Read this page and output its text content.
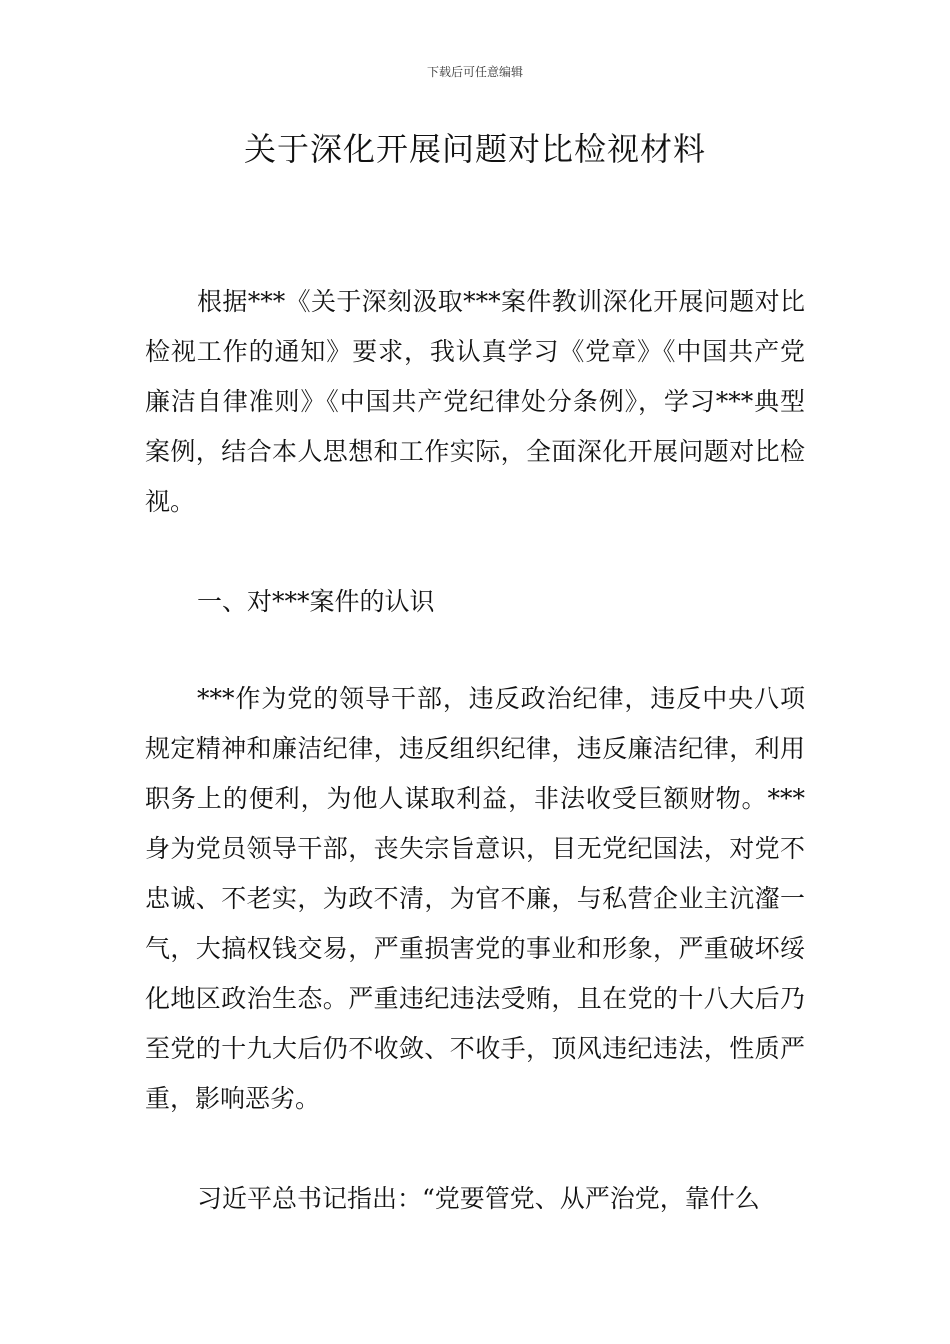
下载后可任意编辑
关于深化开展问题对比检视材料

根据***《关于深刻汲取***案件教训深化开展问题对比检视工作的通知》要求，我认真学习《党章》《中国共产党廉洁自律准则》《中国共产党纪律处分条例》，学习***典型案例，结合本人思想和工作实际，全面深化开展问题对比检视。

一、对***案件的认识

***作为党的领导干部，违反政治纪律，违反中央八项规定精神和廉洁纪律，违反组织纪律，违反廉洁纪律，利用职务上的便利，为他人谋取利益，非法收受巨额财物。***身为党员领导干部，丧失宗旨意识，目无党纪国法，对党不忠诚、不老实，为政不清，为官不廉，与私营企业主沆瀣一气，大搞权钱交易，严重损害党的事业和形象，严重破坏绥化地区政治生态。严重违纪违法受贿，且在党的十八大后乃至党的十九大后仍不收敛、不收手，顶风违纪违法，性质严重，影响恶劣。

习近平总书记指出：“党要管党、从严治党，靠什么
